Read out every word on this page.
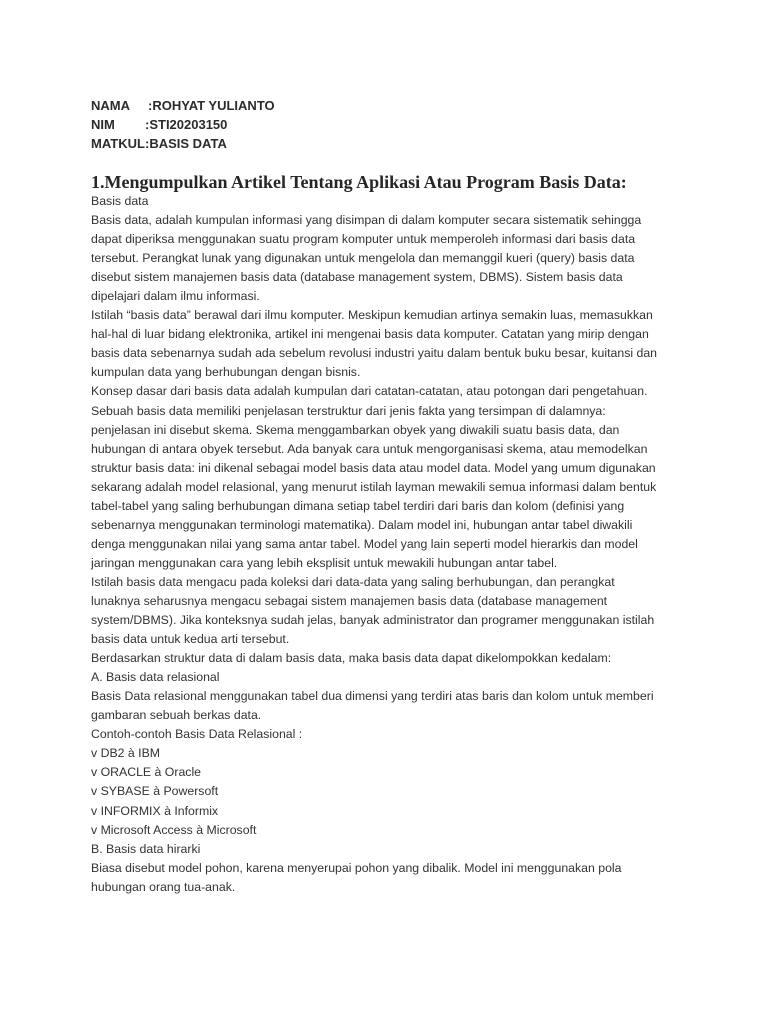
NAMA :ROHYAT YULIANTO
NIM :STI20203150
MATKUL:BASIS DATA
1.Mengumpulkan Artikel Tentang Aplikasi Atau Program Basis Data:
Basis data
Basis data, adalah kumpulan informasi yang disimpan di dalam komputer secara sistematik sehingga
dapat diperiksa menggunakan suatu program komputer untuk memperoleh informasi dari basis data
tersebut. Perangkat lunak yang digunakan untuk mengelola dan memanggil kueri (query) basis data
disebut sistem manajemen basis data (database management system, DBMS). Sistem basis data
dipelajari dalam ilmu informasi.
Istilah “basis data” berawal dari ilmu komputer. Meskipun kemudian artinya semakin luas, memasukkan
hal-hal di luar bidang elektronika, artikel ini mengenai basis data komputer. Catatan yang mirip dengan
basis data sebenarnya sudah ada sebelum revolusi industri yaitu dalam bentuk buku besar, kuitansi dan
kumpulan data yang berhubungan dengan bisnis.
Konsep dasar dari basis data adalah kumpulan dari catatan-catatan, atau potongan dari pengetahuan.
Sebuah basis data memiliki penjelasan terstruktur dari jenis fakta yang tersimpan di dalamnya:
penjelasan ini disebut skema. Skema menggambarkan obyek yang diwakili suatu basis data, dan
hubungan di antara obyek tersebut. Ada banyak cara untuk mengorganisasi skema, atau memodelkan
struktur basis data: ini dikenal sebagai model basis data atau model data. Model yang umum digunakan
sekarang adalah model relasional, yang menurut istilah layman mewakili semua informasi dalam bentuk
tabel-tabel yang saling berhubungan dimana setiap tabel terdiri dari baris dan kolom (definisi yang
sebenarnya menggunakan terminologi matematika). Dalam model ini, hubungan antar tabel diwakili
denga menggunakan nilai yang sama antar tabel. Model yang lain seperti model hierarkis dan model
jaringan menggunakan cara yang lebih eksplisit untuk mewakili hubungan antar tabel.
Istilah basis data mengacu pada koleksi dari data-data yang saling berhubungan, dan perangkat
lunaknya seharusnya mengacu sebagai sistem manajemen basis data (database management
system/DBMS). Jika konteksnya sudah jelas, banyak administrator dan programer menggunakan istilah
basis data untuk kedua arti tersebut.
Berdasarkan struktur data di dalam basis data, maka basis data dapat dikelompokkan kedalam:
A. Basis data relasional
Basis Data relasional menggunakan tabel dua dimensi yang terdiri atas baris dan kolom untuk memberi
gambaran sebuah berkas data.
Contoh-contoh Basis Data Relasional :
v DB2 à IBM
v ORACLE à Oracle
v SYBASE à Powersoft
v INFORMIX à Informix
v Microsoft Access à Microsoft
B. Basis data hirarki
Biasa disebut model pohon, karena menyerupai pohon yang dibalik. Model ini menggunakan pola
hubungan orang tua-anak.
